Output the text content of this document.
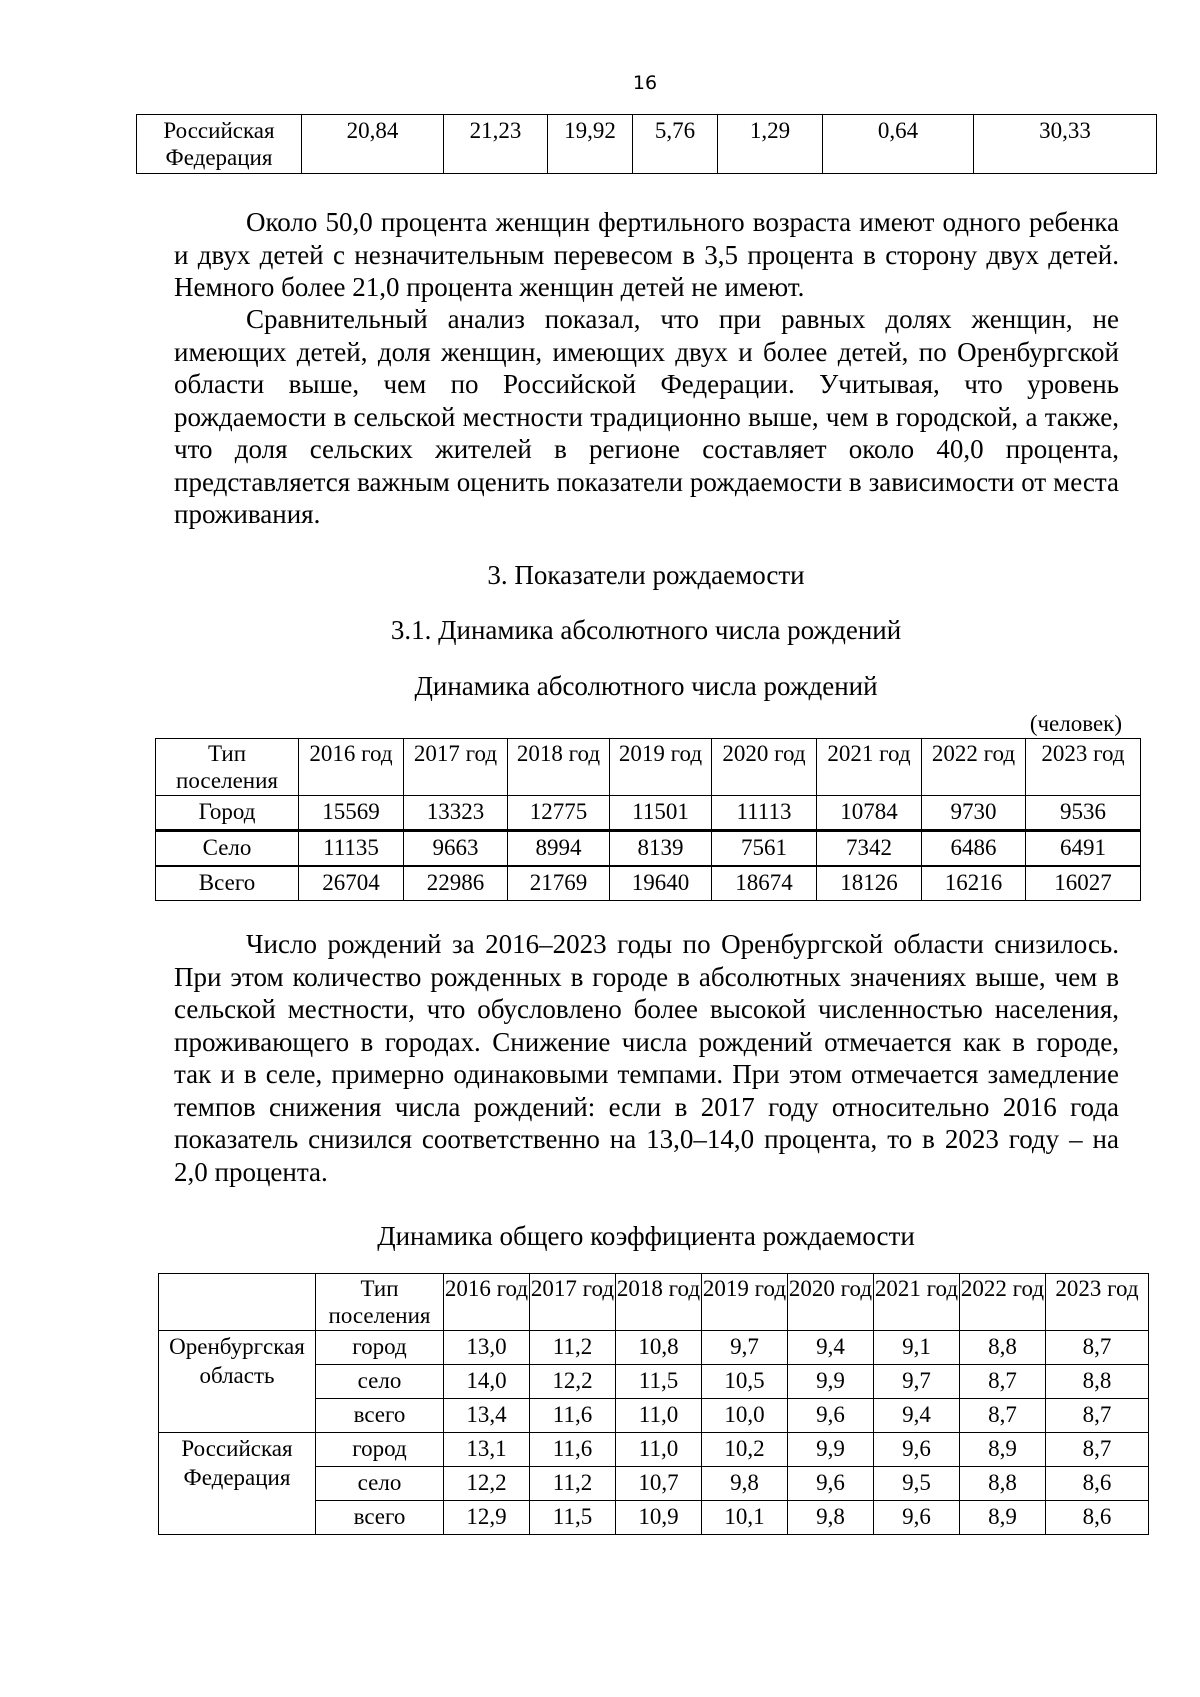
16
Российская Федерация	20,84	21,23	19,92	5,76	1,29	0,64	30,33

Около 50,0 процента женщин фертильного возраста имеют одного ребенка и двух детей с незначительным перевесом в 3,5 процента в сторону двух детей. Немного более 21,0 процента женщин детей не имеют.

Сравнительный анализ показал, что при равных долях женщин, не имеющих детей, доля женщин, имеющих двух и более детей, по Оренбургской области выше, чем по Российской Федерации. Учитывая, что уровень рождаемости в сельской местности традиционно выше, чем в городской, а также, что доля сельских жителей в регионе составляет около 40,0 процента, представляется важным оценить показатели рождаемости в зависимости от места проживания.

3. Показатели рождаемости

3.1. Динамика абсолютного числа рождений

Динамика абсолютного числа рождений

(человек)

Тип поселения	2016 год	2017 год	2018 год	2019 год	2020 год	2021 год	2022 год	2023 год
Город	15569	13323	12775	11501	11113	10784	9730	9536
Село	11135	9663	8994	8139	7561	7342	6486	6491
Всего	26704	22986	21769	19640	18674	18126	16216	16027

Число рождений за 2016–2023 годы по Оренбургской области снизилось. При этом количество рожденных в городе в абсолютных значениях выше, чем в сельской местности, что обусловлено более высокой численностью населения, проживающего в городах. Снижение числа рождений отмечается как в городе, так и в селе, примерно одинаковыми темпами. При этом отмечается замедление темпов снижения числа рождений: если в 2017 году относительно 2016 года показатель снизился соответственно на 13,0–14,0 процента, то в 2023 году – на 2,0 процента.

Динамика общего коэффициента рождаемости

	Тип поселения	2016 год	2017 год	2018 год	2019 год	2020 год	2021 год	2022 год	2023 год
Оренбургская область	город	13,0	11,2	10,8	9,7	9,4	9,1	8,8	8,7
	село	14,0	12,2	11,5	10,5	9,9	9,7	8,7	8,8
	всего	13,4	11,6	11,0	10,0	9,6	9,4	8,7	8,7
Российская Федерация	город	13,1	11,6	11,0	10,2	9,9	9,6	8,9	8,7
	село	12,2	11,2	10,7	9,8	9,6	9,5	8,8	8,6
	всего	12,9	11,5	10,9	10,1	9,8	9,6	8,9	8,6
